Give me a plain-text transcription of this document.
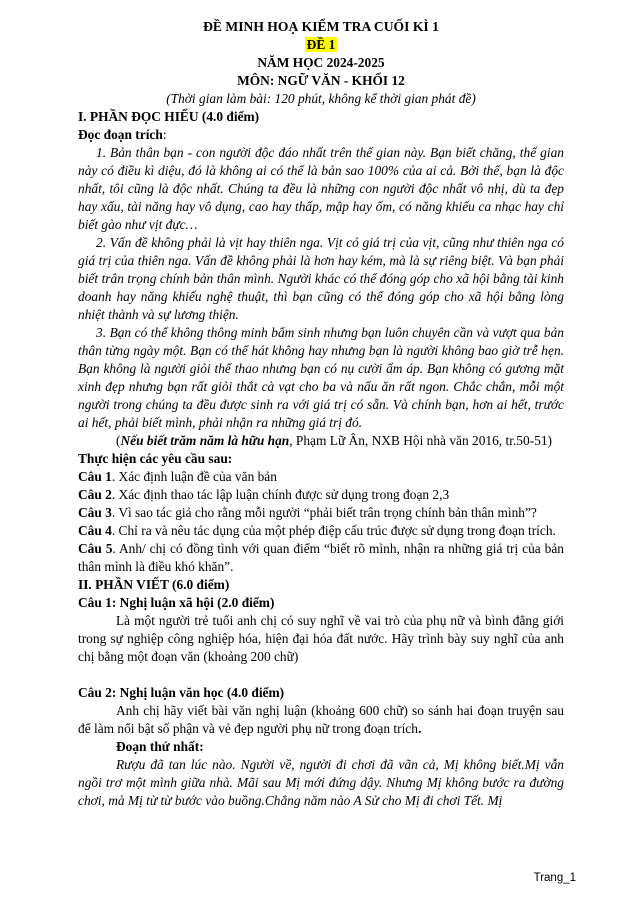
ĐỀ MINH HOẠ KIỂM TRA CUỐI KÌ 1

ĐỀ 1

NĂM HỌC 2024-2025

MÔN: NGỮ VĂN - KHỐI 12

(Thời gian làm bài: 120 phút, không kể thời gian phát đề)

I. PHẦN ĐỌC HIỂU (4.0 điểm)

Đọc đoạn trích:

1. Bản thân bạn - con người độc đáo nhất trên thế gian này. Bạn biết chăng, thế gian này có điều kì diệu, đó là không ai có thể là bản sao 100% của ai cả. Bởi thế, bạn là độc nhất, tôi cũng là độc nhất. Chúng ta đều là những con người độc nhất vô nhị, dù ta đẹp hay xấu, tài năng hay vô dụng, cao hay thấp, mập hay ốm, có năng khiếu ca nhạc hay chỉ biết gào như vịt đực…

2. Vấn đề không phải là vịt hay thiên nga. Vịt có giá trị của vịt, cũng như thiên nga có giá trị của thiên nga. Vấn đề không phải là hơn hay kém, mà là sự riêng biệt. Và bạn phải biết trân trọng chính bản thân mình. Người khác có thể đóng góp cho xã hội bằng tài kinh doanh hay năng khiếu nghệ thuật, thì bạn cũng có thể đóng góp cho xã hội bằng lòng nhiệt thành và sự lương thiện.

3. Bạn có thể không thông minh bẩm sinh nhưng bạn luôn chuyên cần và vượt qua bản thân từng ngày một. Bạn có thể hát không hay nhưng bạn là người không bao giờ trễ hẹn. Bạn không là người giỏi thể thao nhưng bạn có nụ cười ấm áp. Bạn không có gương mặt xinh đẹp nhưng bạn rất giỏi thắt cà vạt cho ba và nấu ăn rất ngon. Chắc chắn, mỗi một người trong chúng ta đều được sinh ra với giá trị có sẵn. Và chính bạn, hơn ai hết, trước ai hết, phải biết mình, phải nhận ra những giá trị đó.

(Nếu biết trăm năm là hữu hạn, Phạm Lữ Ân, NXB Hội nhà văn 2016, tr.50-51)

Thực hiện các yêu cầu sau:

Câu 1. Xác định luận đề của văn bản

Câu 2. Xác định thao tác lập luận chính được sử dụng trong đoạn 2,3

Câu 3. Vì sao tác giả cho rằng mỗi người “phải biết trân trọng chính bản thân mình”?

Câu 4. Chỉ ra và nêu tác dụng của một phép điệp cấu trúc được sử dụng trong đoạn trích.

Câu 5. Anh/ chị có đồng tình với quan điểm “biết rõ mình, nhận ra những giá trị của bản thân mình là điều khó khăn”.

II. PHẦN VIẾT (6.0 điểm)

Câu 1: Nghị luận xã hội (2.0 điểm)

Là một người trẻ tuổi anh chị có suy nghĩ về vai trò của phụ nữ và bình đẳng giới trong sự nghiệp công nghiệp hóa, hiện đại hóa đất nước. Hãy trình bày suy nghĩ của anh chị bằng một đoạn văn (khoảng 200 chữ)

Câu 2: Nghị luận văn học (4.0 điểm)

Anh chị hãy viết bài văn nghị luận (khoảng 600 chữ) so sánh hai đoạn truyện sau để làm nổi bật số phận và vẻ đẹp người phụ nữ trong đoạn trích.

Đoạn thứ nhất:

Rượu đã tan lúc nào. Người về, người đi chơi đã vãn cả, Mị không biết.Mị vẫn ngồi trơ một mình giữa nhà. Mãi sau Mị mới đứng dậy. Nhưng Mị không bước ra đường chơi, mà Mị từ từ bước vào buồng.Chẳng năm nào A Sử cho Mị đi chơi Tết. Mị

Trang_1
